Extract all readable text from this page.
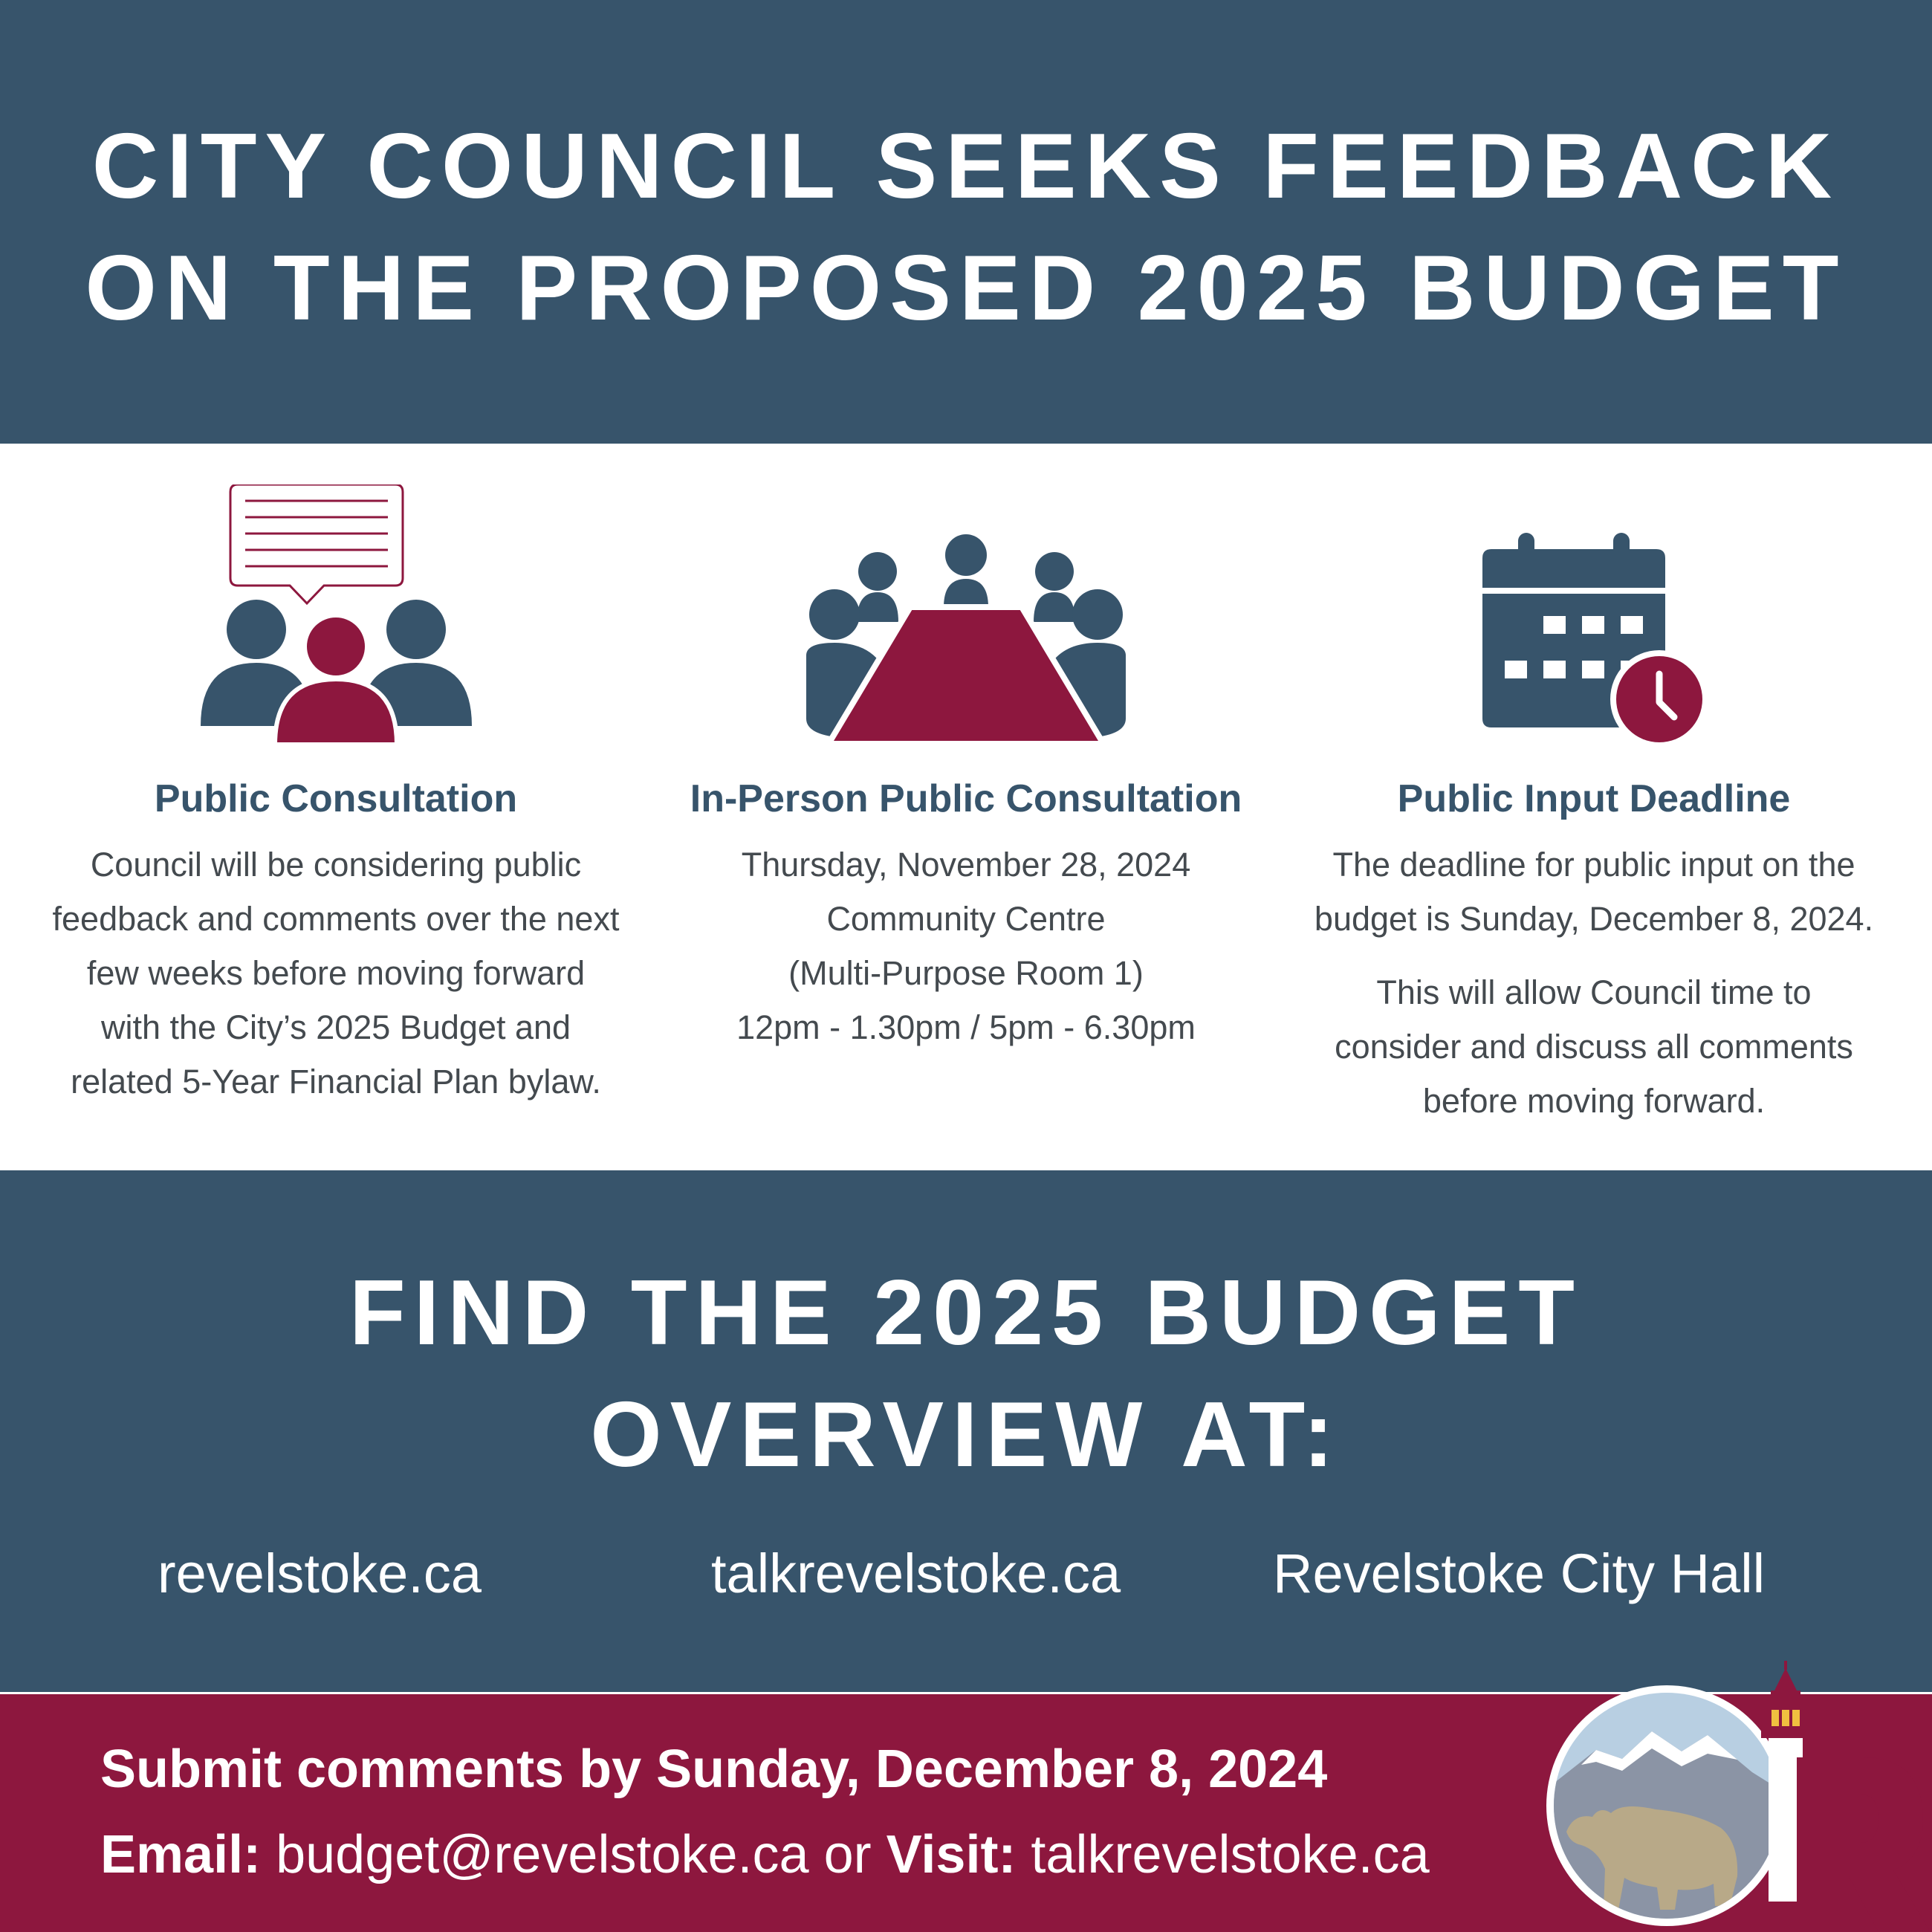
CITY COUNCIL SEEKS FEEDBACK
ON THE PROPOSED 2025 BUDGET
Public Consultation

Council will be considering public

feedback and comments over the next

few weeks before moving forward

with the City’s 2025 Budget and

related 5-Year Financial Plan bylaw.

In-Person Public Consultation

Thursday, November 28, 2024

Community Centre

(Multi-Purpose Room 1)

12pm - 1.30pm / 5pm - 6.30pm

Public Input Deadline

The deadline for public input on the

budget is Sunday, December 8, 2024.

This will allow Council time to

consider and discuss all comments

before moving forward.

FIND THE 2025 BUDGET
OVERVIEW AT:
revelstoke.ca	talkrevelstoke.ca	Revelstoke City Hall
Submit comments by Sunday, December 8, 2024
Email: budget@revelstoke.ca or Visit: talkrevelstoke.ca
